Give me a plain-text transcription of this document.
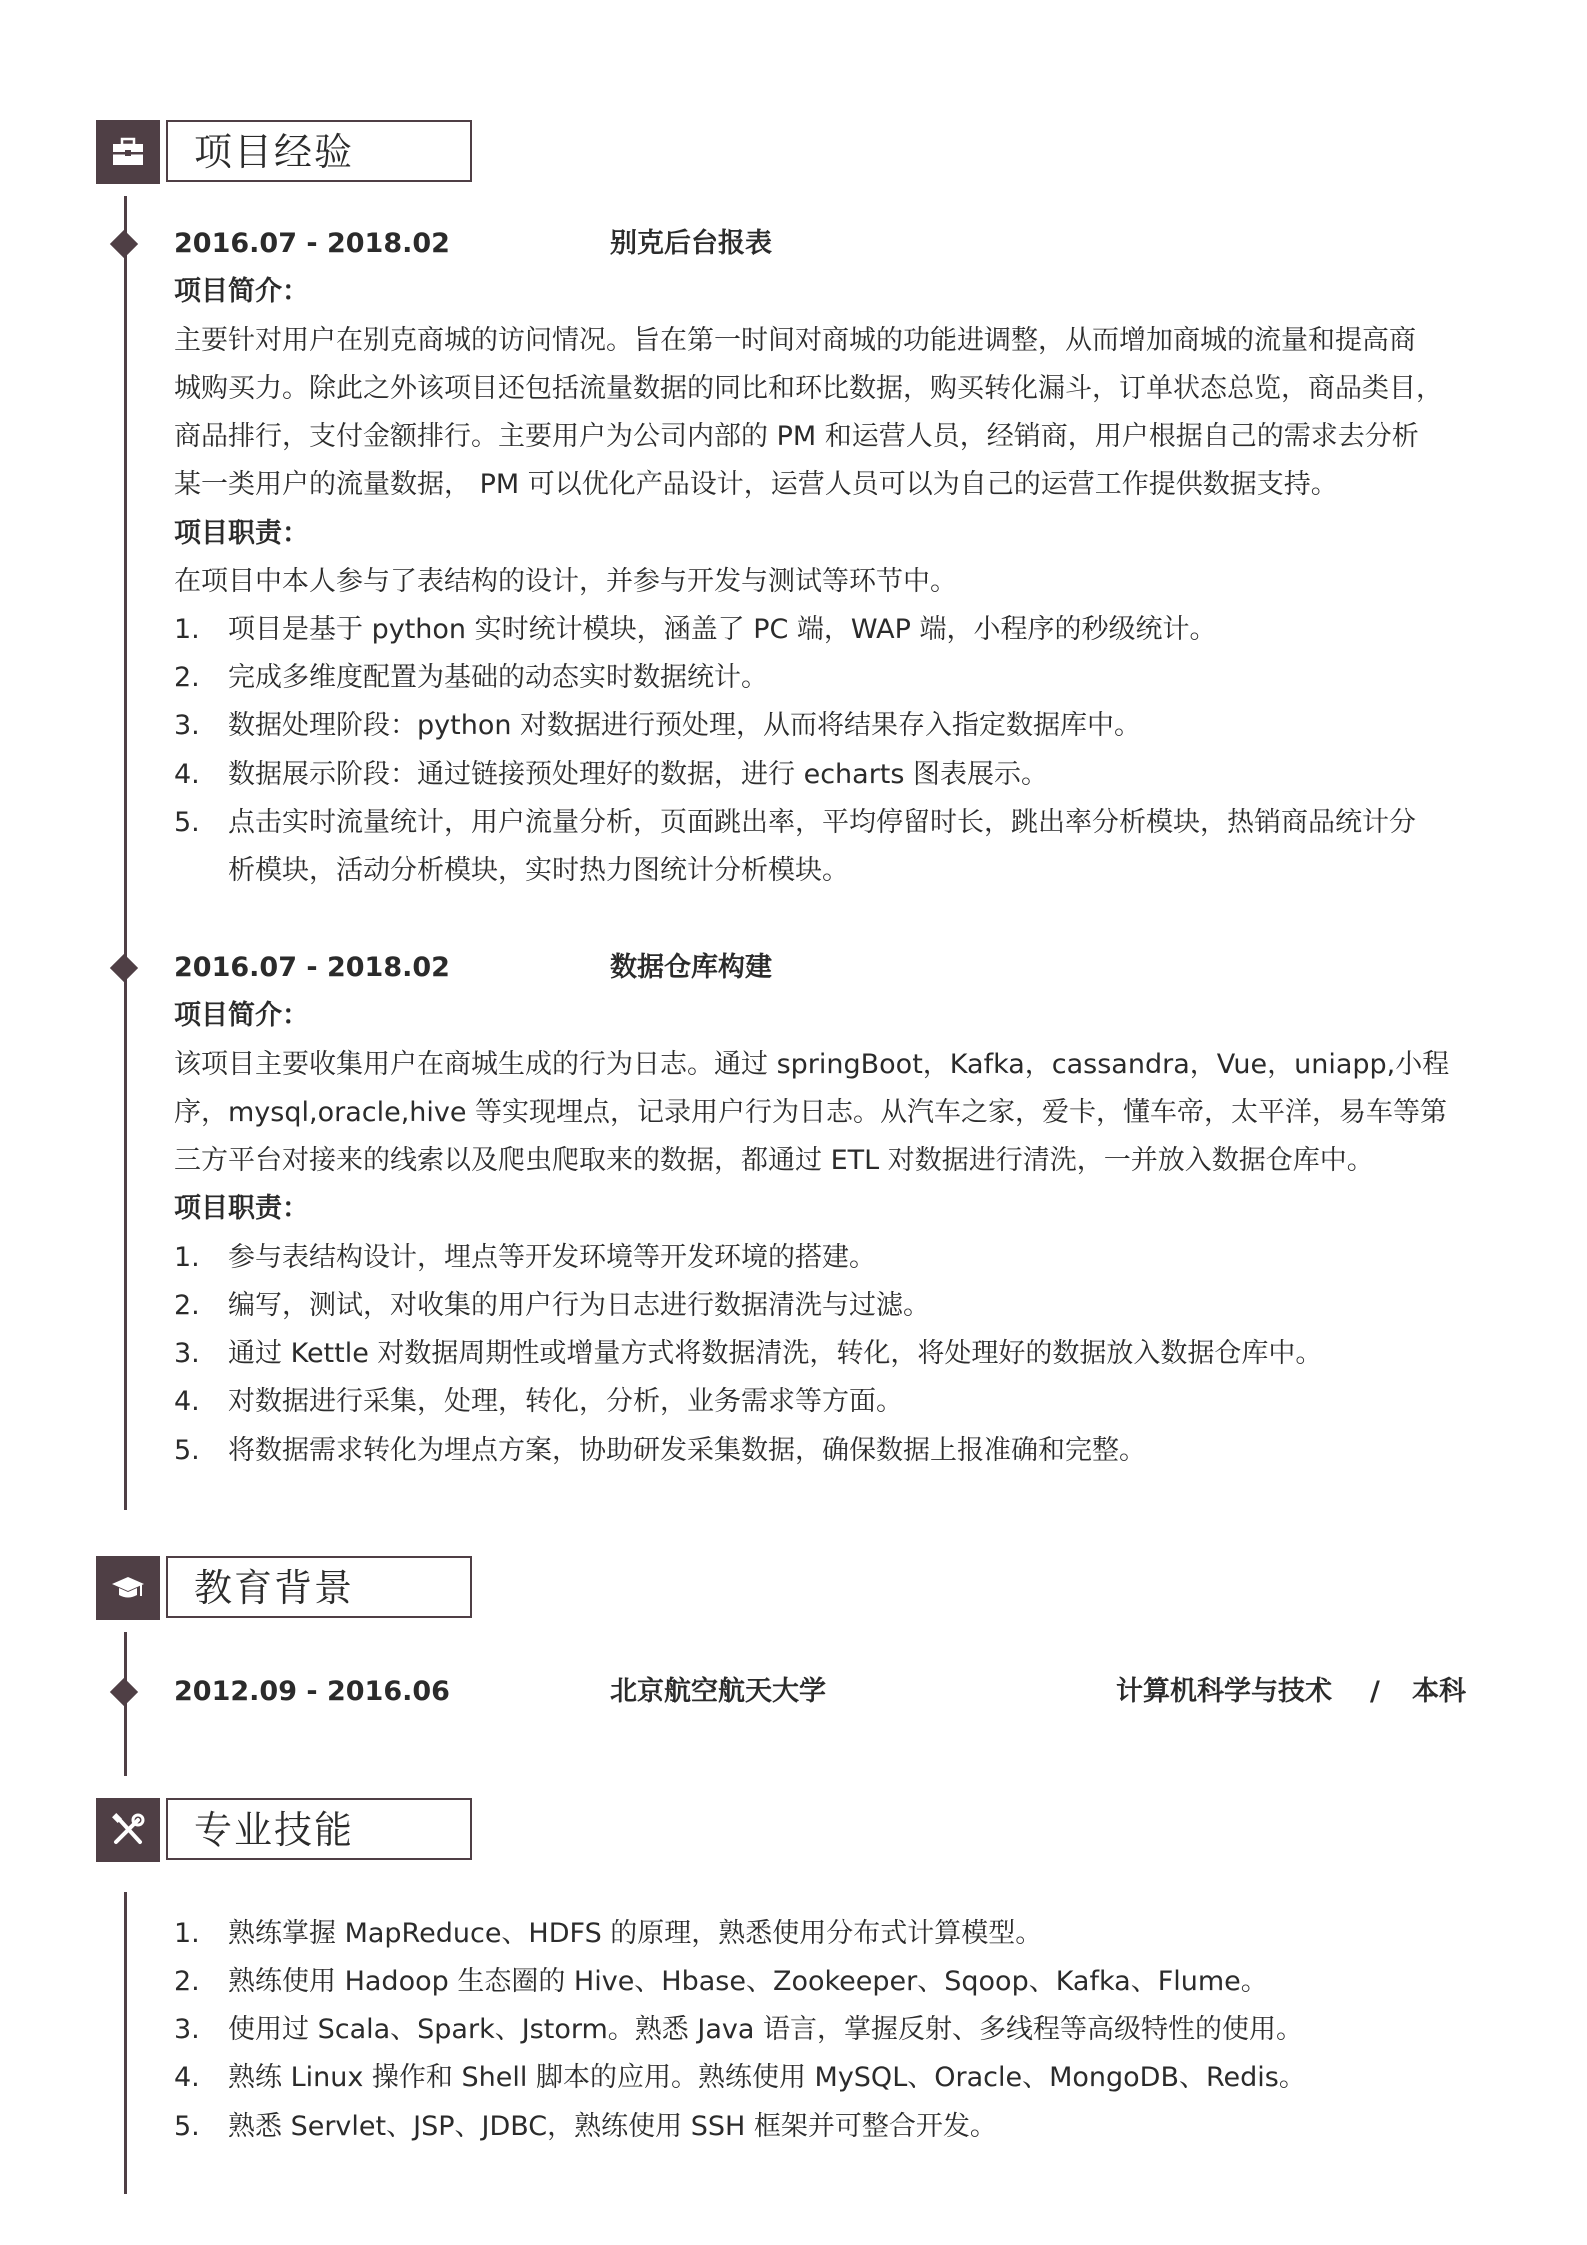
项目经验
2016.07 - 2018.02	别克后台报表
项目简介：
主要针对用户在别克商城的访问情况。旨在第一时间对商城的功能进调整，从而增加商城的流量和提高商
城购买力。除此之外该项目还包括流量数据的同比和环比数据，购买转化漏斗，订单状态总览，商品类目，
商品排行，支付金额排行。主要用户为公司内部的 PM 和运营人员，经销商，用户根据自己的需求去分析
某一类用户的流量数据， PM 可以优化产品设计，运营人员可以为自己的运营工作提供数据支持。
项目职责：
在项目中本人参与了表结构的设计，并参与开发与测试等环节中。
1. 项目是基于 python 实时统计模块，涵盖了 PC 端，WAP 端，小程序的秒级统计。
2. 完成多维度配置为基础的动态实时数据统计。
3. 数据处理阶段：python 对数据进行预处理，从而将结果存入指定数据库中。
4. 数据展示阶段：通过链接预处理好的数据，进行 echarts 图表展示。
5. 点击实时流量统计，用户流量分析，页面跳出率，平均停留时长，跳出率分析模块，热销商品统计分
析模块，活动分析模块，实时热力图统计分析模块。
2016.07 - 2018.02	数据仓库构建
项目简介：
该项目主要收集用户在商城生成的行为日志。通过 springBoot，Kafka，cassandra，Vue，uniapp,小程
序，mysql,oracle,hive 等实现埋点，记录用户行为日志。从汽车之家，爱卡，懂车帝，太平洋，易车等第
三方平台对接来的线索以及爬虫爬取来的数据，都通过 ETL 对数据进行清洗，一并放入数据仓库中。
项目职责：
1. 参与表结构设计，埋点等开发环境等开发环境的搭建。
2. 编写，测试，对收集的用户行为日志进行数据清洗与过滤。
3. 通过 Kettle 对数据周期性或增量方式将数据清洗，转化，将处理好的数据放入数据仓库中。
4. 对数据进行采集，处理，转化，分析，业务需求等方面。
5. 将数据需求转化为埋点方案，协助研发采集数据，确保数据上报准确和完整。
教育背景
2012.09 - 2016.06	北京航空航天大学	计算机科学与技术 / 本科
专业技能
1. 熟练掌握 MapReduce、HDFS 的原理，熟悉使用分布式计算模型。
2. 熟练使用 Hadoop 生态圈的 Hive、Hbase、Zookeeper、Sqoop、Kafka、Flume。
3. 使用过 Scala、Spark、Jstorm。熟悉 Java 语言，掌握反射、多线程等高级特性的使用。
4. 熟练 Linux 操作和 Shell 脚本的应用。熟练使用 MySQL、Oracle、MongoDB、Redis。
5. 熟悉 Servlet、JSP、JDBC，熟练使用 SSH 框架并可整合开发。
